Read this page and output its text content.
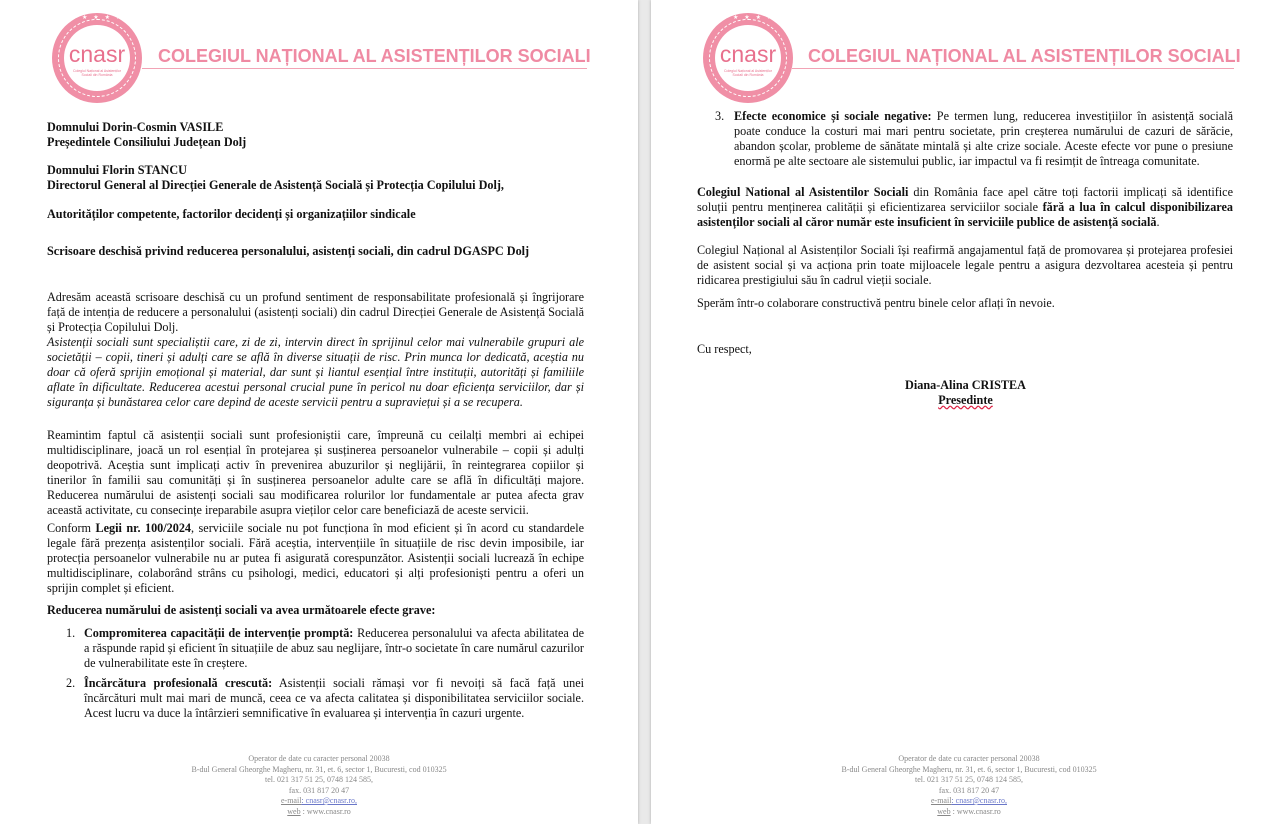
★ ★ ★ ★ ★ ★ ★
cnasr
Colegiul Național al Asistenților Sociali din România
COLEGIUL NAȚIONAL AL ASISTENȚILOR SOCIALI
Domnului Dorin-Cosmin VASILE
Președintele Consiliului Județean Dolj
Domnului Florin STANCU
Directorul General al Direcției Generale de Asistență Socială și Protecția Copilului Dolj,
Autorităților competente, factorilor decidenți și organizațiilor sindicale
Scrisoare deschisă privind reducerea personalului, asistenți sociali, din cadrul DGASPC Dolj
Adresăm această scrisoare deschisă cu un profund sentiment de responsabilitate profesională și îngrijorare față de intenția de reducere a personalului (asistenți sociali) din cadrul Direcției Generale de Asistență Socială și Protecția Copilului Dolj.
Asistenții sociali sunt specialiștii care, zi de zi, intervin direct în sprijinul celor mai vulnerabile grupuri ale societății – copii, tineri și adulți care se află în diverse situații de risc. Prin munca lor dedicată, aceștia nu doar că oferă sprijin emoțional și material, dar sunt și liantul esențial între instituții, autorități și familiile aflate în dificultate. Reducerea acestui personal crucial pune în pericol nu doar eficiența serviciilor, dar și siguranța și bunăstarea celor care depind de aceste servicii pentru a supraviețui și a se recupera.
Reamintim faptul că asistenții sociali sunt profesioniștii care, împreună cu ceilalți membri ai echipei multidisciplinare, joacă un rol esențial în protejarea și susținerea persoanelor vulnerabile – copii și adulți deopotrivă. Aceștia sunt implicați activ în prevenirea abuzurilor și neglijării, în reintegrarea copiilor și tinerilor în familii sau comunități și în susținerea persoanelor adulte care se află în dificultăți majore. Reducerea numărului de asistenți sociali sau modificarea rolurilor lor fundamentale ar putea afecta grav această activitate, cu consecințe ireparabile asupra vieților celor care beneficiază de aceste servicii.
Conform Legii nr. 100/2024, serviciile sociale nu pot funcționa în mod eficient și în acord cu standardele legale fără prezența asistenților sociali. Fără aceștia, intervențiile în situațiile de risc devin imposibile, iar protecția persoanelor vulnerabile nu ar putea fi asigurată corespunzător. Asistenții sociali lucrează în echipe multidisciplinare, colaborând strâns cu psihologi, medici, educatori și alți profesioniști pentru a oferi un sprijin complet și eficient.
Reducerea numărului de asistenți sociali va avea următoarele efecte grave:
1. Compromiterea capacității de intervenție promptă: Reducerea personalului va afecta abilitatea de a răspunde rapid și eficient în situațiile de abuz sau neglijare, într-o societate în care numărul cazurilor de vulnerabilitate este în creștere.
2. Încărcătura profesională crescută: Asistenții sociali rămași vor fi nevoiți să facă față unei încărcături mult mai mari de muncă, ceea ce va afecta calitatea și disponibilitatea serviciilor sociale. Acest lucru va duce la întârzieri semnificative în evaluarea și intervenția în cazuri urgente.
Operator de date cu caracter personal 20038
B-dul General Gheorghe Magheru, nr. 31, et. 6, sector 1, Bucuresti, cod 010325
tel. 021 317 51 25, 0748 124 585,
fax. 031 817 20 47
e-mail: cnasr@cnasr.ro,
web : www.cnasr.ro
★ ★ ★ ★ ★ ★ ★
cnasr
Colegiul Național al Asistenților Sociali din România
COLEGIUL NAȚIONAL AL ASISTENȚILOR SOCIALI
3. Efecte economice și sociale negative: Pe termen lung, reducerea investițiilor în asistență socială poate conduce la costuri mai mari pentru societate, prin creșterea numărului de cazuri de sărăcie, abandon școlar, probleme de sănătate mintală și alte crize sociale. Aceste efecte vor pune o presiune enormă pe alte sectoare ale sistemului public, iar impactul va fi resimțit de întreaga comunitate.
Colegiul National al Asistentilor Sociali din România face apel către toți factorii implicați să identifice soluții pentru menținerea calității și eficientizarea serviciilor sociale fără a lua în calcul disponibilizarea asistenților sociali al căror număr este insuficient în serviciile publice de asistență socială.
Colegiul Național al Asistenților Sociali își reafirmă angajamentul față de promovarea și protejarea profesiei de asistent social și va acționa prin toate mijloacele legale pentru a asigura dezvoltarea acesteia și pentru ridicarea prestigiului său în cadrul vieții sociale.
Sperăm într-o colaborare constructivă pentru binele celor aflați în nevoie.
Cu respect,
Diana-Alina CRISTEA
Presedinte
Operator de date cu caracter personal 20038
B-dul General Gheorghe Magheru, nr. 31, et. 6, sector 1, Bucuresti, cod 010325
tel. 021 317 51 25, 0748 124 585,
fax. 031 817 20 47
e-mail: cnasr@cnasr.ro,
web : www.cnasr.ro
